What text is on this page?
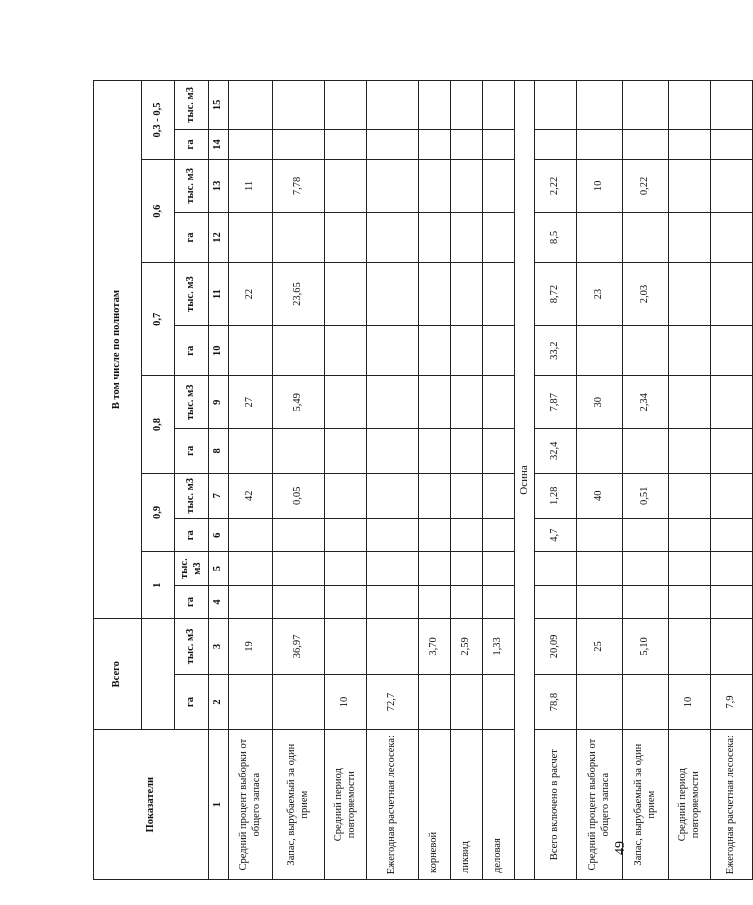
Показатели	Всего		В том числе по полнотам											
			1		0,9		0,8		0,7		0,6		0,3 - 0,5	
	га	тыс. м3	га	тыс. м3	га	тыс. м3	га	тыс. м3	га	тыс. м3	га	тыс. м3	га	тыс. м3
1	2	3	4	5	6	7	8	9	10	11	12	13	14	15
Средний процент выборки от общего запаса		19				42		27		22		11		
Запас, вырубаемый за один прием		36,97				0,05		5,49		23,65		7,78		
Средний период повторяемости	10													
Ежегодная расчетная лесосека:	72,7													
корневой		3,70												
ликвид		2,59												
деловая		1,33												
Осина														
Всего включено в расчет	78,8	20,09			4,7	1,28	32,4	7,87	33,2	8,72	8,5	2,22		
Средний процент выборки от общего запаса		25				40		30		23		10		
Запас, вырубаемый за один прием		5,10				0,51		2,34		2,03		0,22		
Средний период повторяемости	10													
Ежегодная расчетная лесосека:	7,9													
49
